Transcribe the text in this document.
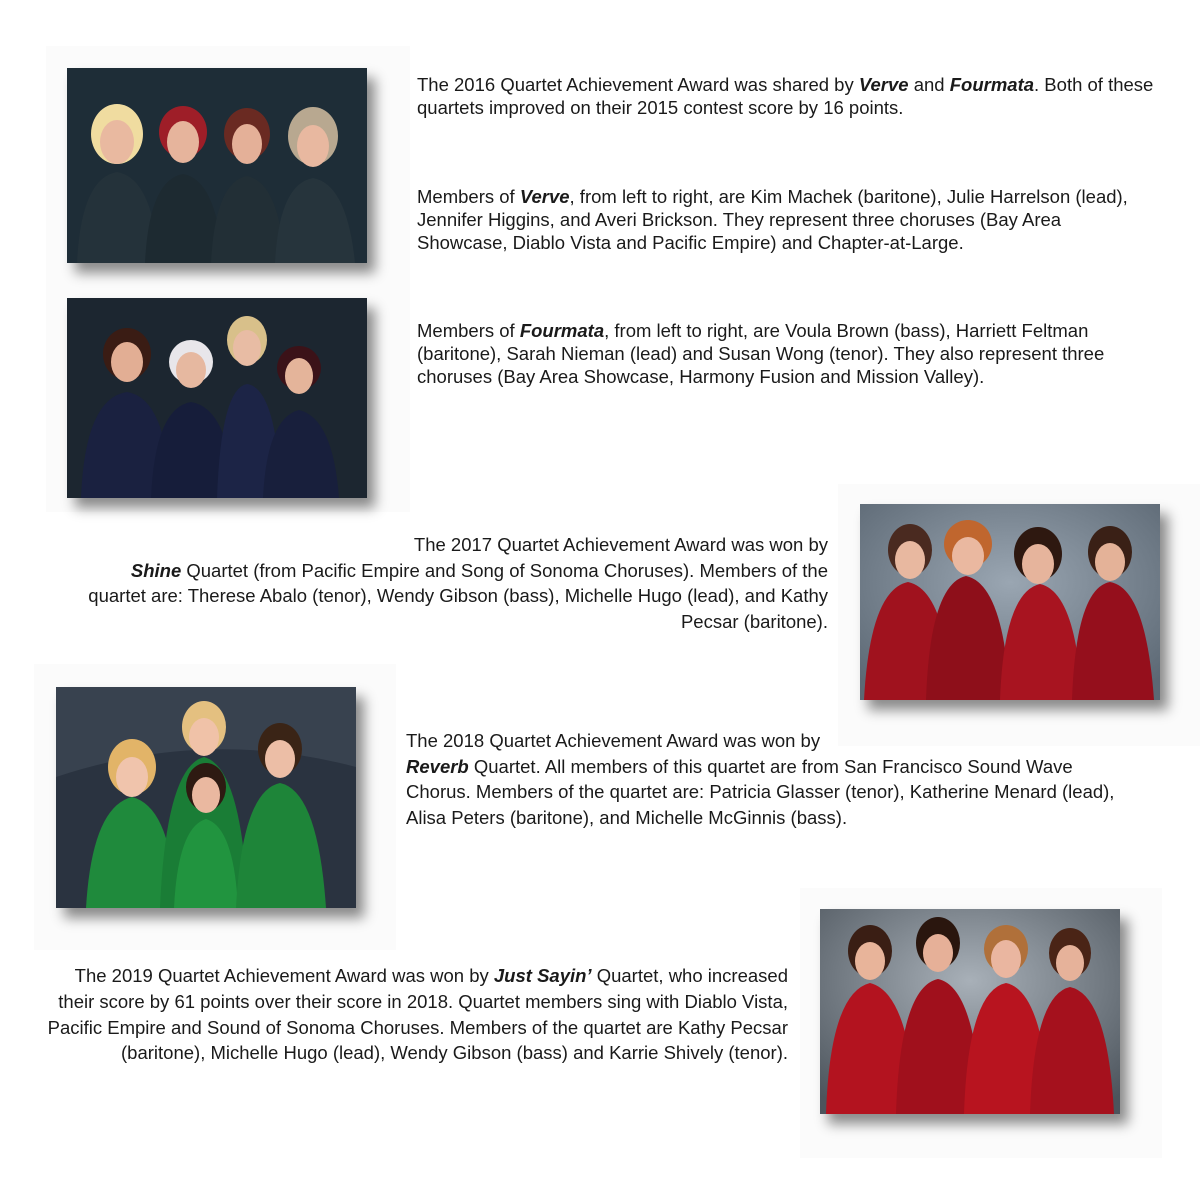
The 2016 Quartet Achievement Award was shared by Verve and Fourmata. Both of these quartets improved on their 2015 contest score by 16 points.

Members of Verve, from left to right, are Kim Machek (baritone), Julie Harrelson (lead), Jennifer Higgins, and Averi Brickson. They represent three choruses (Bay Area Showcase, Diablo Vista and Pacific Empire) and Chapter-at-Large.

Members of Fourmata, from left to right, are Voula Brown (bass), Harriett Feltman (baritone), Sarah Nieman (lead) and Susan Wong (tenor). They also represent three choruses (Bay Area Showcase, Harmony Fusion and Mission Valley).

The 2017 Quartet Achievement Award was won by
Shine Quartet (from Pacific Empire and Song of Sonoma Choruses). Members of the quartet are: Therese Abalo (tenor), Wendy Gibson (bass), Michelle Hugo (lead), and Kathy Pecsar (baritone).

The 2018 Quartet Achievement Award was won by
Reverb Quartet. All members of this quartet are from San Francisco Sound Wave Chorus. Members of the quartet are: Patricia Glasser (tenor), Katherine Menard (lead), Alisa Peters (baritone), and Michelle McGinnis (bass).

The 2019 Quartet Achievement Award was won by Just Sayin’ Quartet, who increased their score by 61 points over their score in 2018. Quartet members sing with Diablo Vista, Pacific Empire and Sound of Sonoma Choruses. Members of the quartet are Kathy Pecsar (baritone), Michelle Hugo (lead), Wendy Gibson (bass) and Karrie Shively (tenor).
